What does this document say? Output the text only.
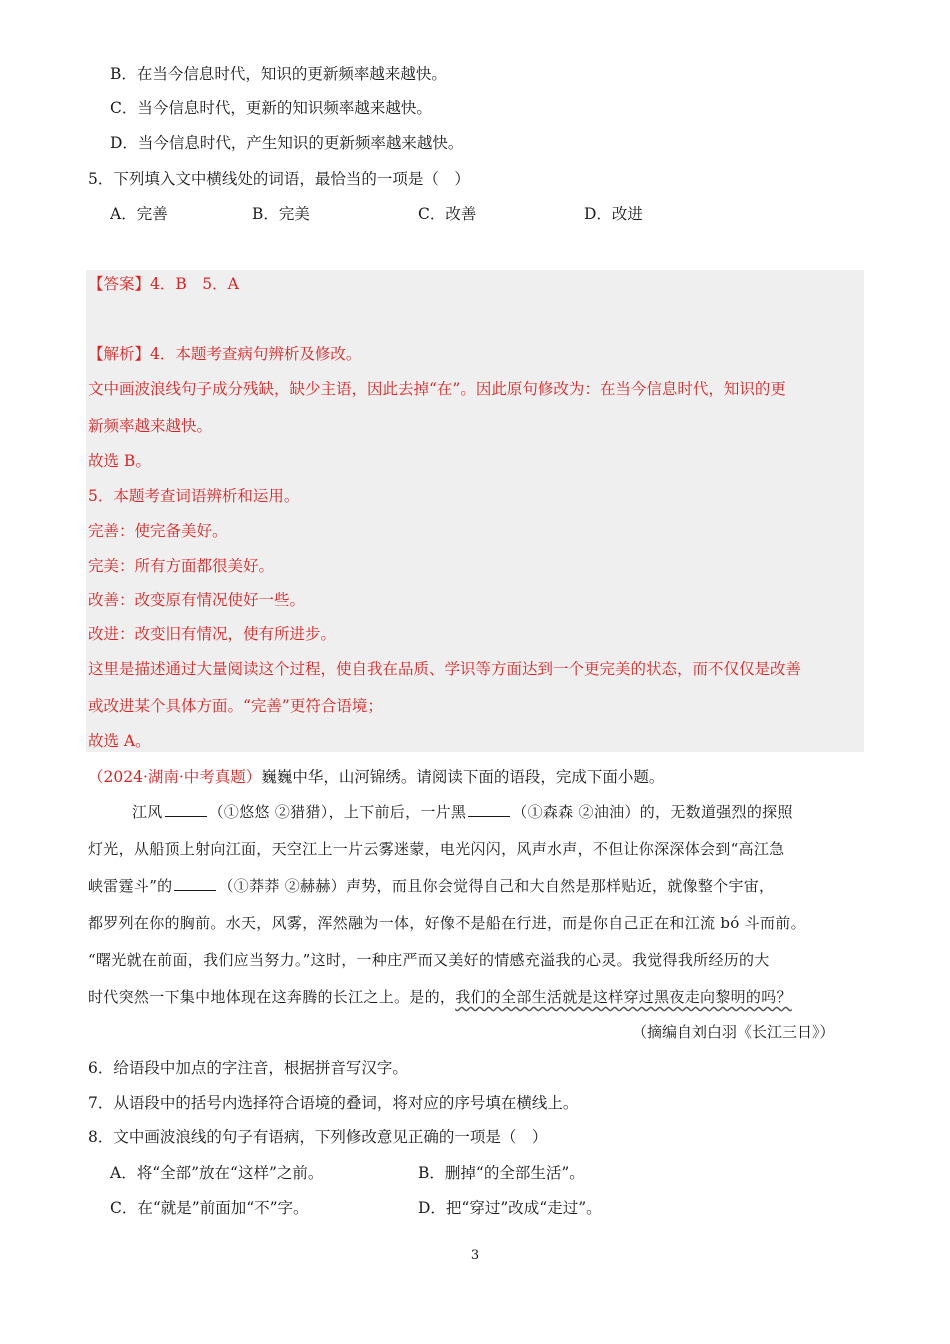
B．在当今信息时代，知识的更新频率越来越快。
C．当今信息时代，更新的知识频率越来越快。
D．当今信息时代，产生知识的更新频率越来越快。
5．下列填入文中横线处的词语，最恰当的一项是（　）
A．完善	B．完美	C．改善	D．改进
【答案】4．B　5．A
【解析】4．本题考查病句辨析及修改。
文中画波浪线句子成分残缺，缺少主语，因此去掉“在”。因此原句修改为：在当今信息时代，知识的更
新频率越来越快。
故选 B。
5．本题考查词语辨析和运用。
完善：使完备美好。
完美：所有方面都很美好。
改善：改变原有情况使好一些。
改进：改变旧有情况，使有所进步。
这里是描述通过大量阅读这个过程，使自我在品质、学识等方面达到一个更完美的状态，而不仅仅是改善
或改进某个具体方面。“完善”更符合语境；
故选 A。
（2024·湖南·中考真题）巍巍中华，山河锦绣。请阅读下面的语段，完成下面小题。
江风	（①悠悠 ②猎猎），上下前后，一片黑	（①森森 ②油油）的，无数道强烈的探照
灯光，从船顶上射向江面，天空江上一片云雾迷蒙，电光闪闪，风声水声，不但让你深深体会到“高江急
峡雷霆斗”的	（①莽莽 ②赫赫）声势，而且你会觉得自己和大自然是那样贴近，就像整个宇宙，
都罗列在你的胸前。水天，风雾，浑然融为一体，好像不是船在行进，而是你自己正在和江流 bó 斗而前。
“曙光就在前面，我们应当努力。”这时，一种庄严而又美好的情感充溢我的心灵。我觉得我所经历的大
时代突然一下集中地体现在这奔腾的长江之上。是的，我们的全部生活就是这样穿过黑夜走向黎明的吗？
（摘编自刘白羽《长江三日》）
6．给语段中加点的字注音，根据拼音写汉字。
7．从语段中的括号内选择符合语境的叠词，将对应的序号填在横线上。
8．文中画波浪线的句子有语病，下列修改意见正确的一项是（　）
A．将“全部”放在“这样”之前。	B．删掉“的全部生活”。
C．在“就是”前面加“不”字。	D．把“穿过”改成“走过”。
3
